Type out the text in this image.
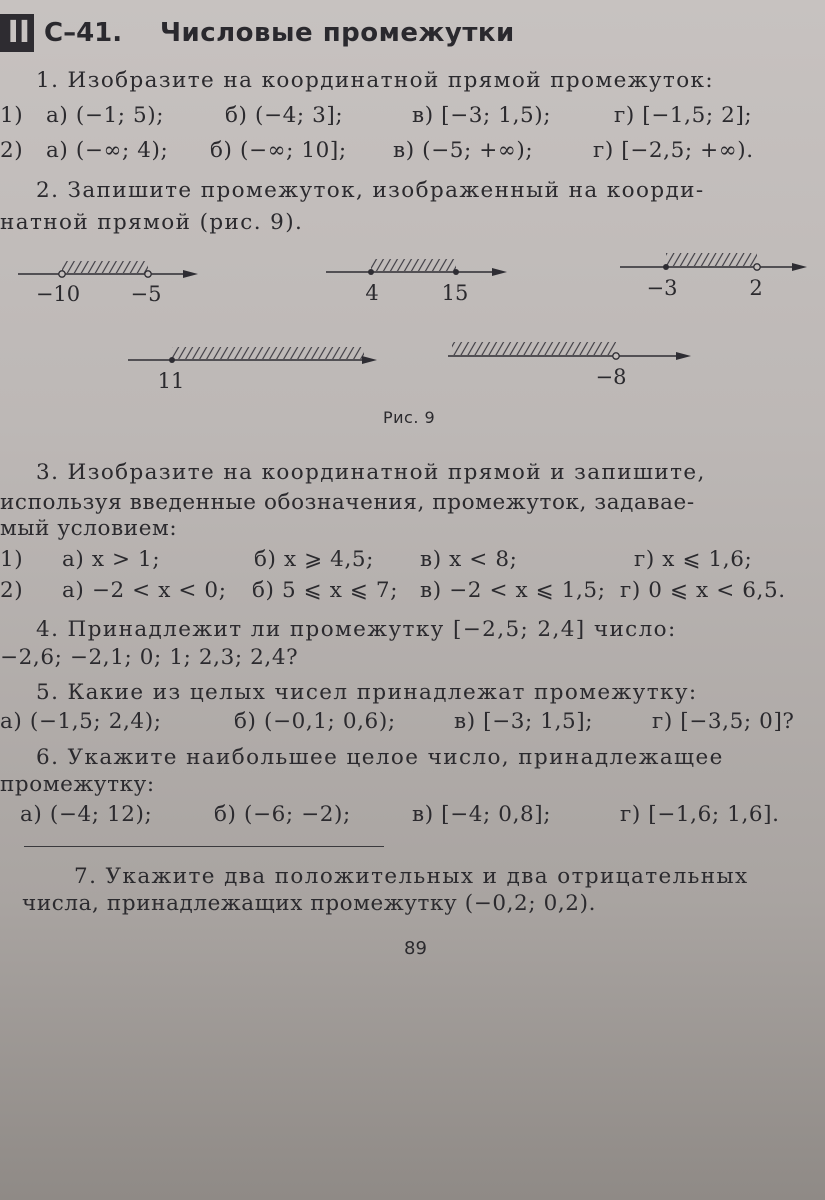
II С–41. Числовые промежутки
1. Изобразите на координатной прямой промежуток:
1) а) (−1; 5);	б) (−4; 3];	в) [−3; 1,5);	г) [−1,5; 2];
2) а) (−∞; 4); б) (−∞; 10]; в) (−5; +∞);	г) [−2,5; +∞).
2. Запишите промежуток, изображенный на коорди-
натной прямой (рис. 9).
−10 −5	4	15	−3	2
11	−8
Рис. 9
3. Изобразите на координатной прямой и запишите,
используя введенные обозначения, промежуток, задавае-
мый условием:
1) а) x > 1;	б) x ⩾ 4,5; в) x < 8;	г) x ⩽ 1,6;
2) а) −2 < x < 0; б) 5 ⩽ x ⩽ 7; в) −2 < x ⩽ 1,5; г) 0 ⩽ x < 6,5.
4. Принадлежит ли промежутку [−2,5; 2,4] число:
−2,6; −2,1; 0; 1; 2,3; 2,4?
5. Какие из целых чисел принадлежат промежутку:
а) (−1,5; 2,4);	б) (−0,1; 0,6);	в) [−3; 1,5];	г) [−3,5; 0]?
6. Укажите наибольшее целое число, принадлежащее
промежутку:
а) (−4; 12);	б) (−6; −2);	в) [−4; 0,8];	г) [−1,6; 1,6].
7. Укажите два положительных и два отрицательных
числа, принадлежащих промежутку (−0,2; 0,2).
89
